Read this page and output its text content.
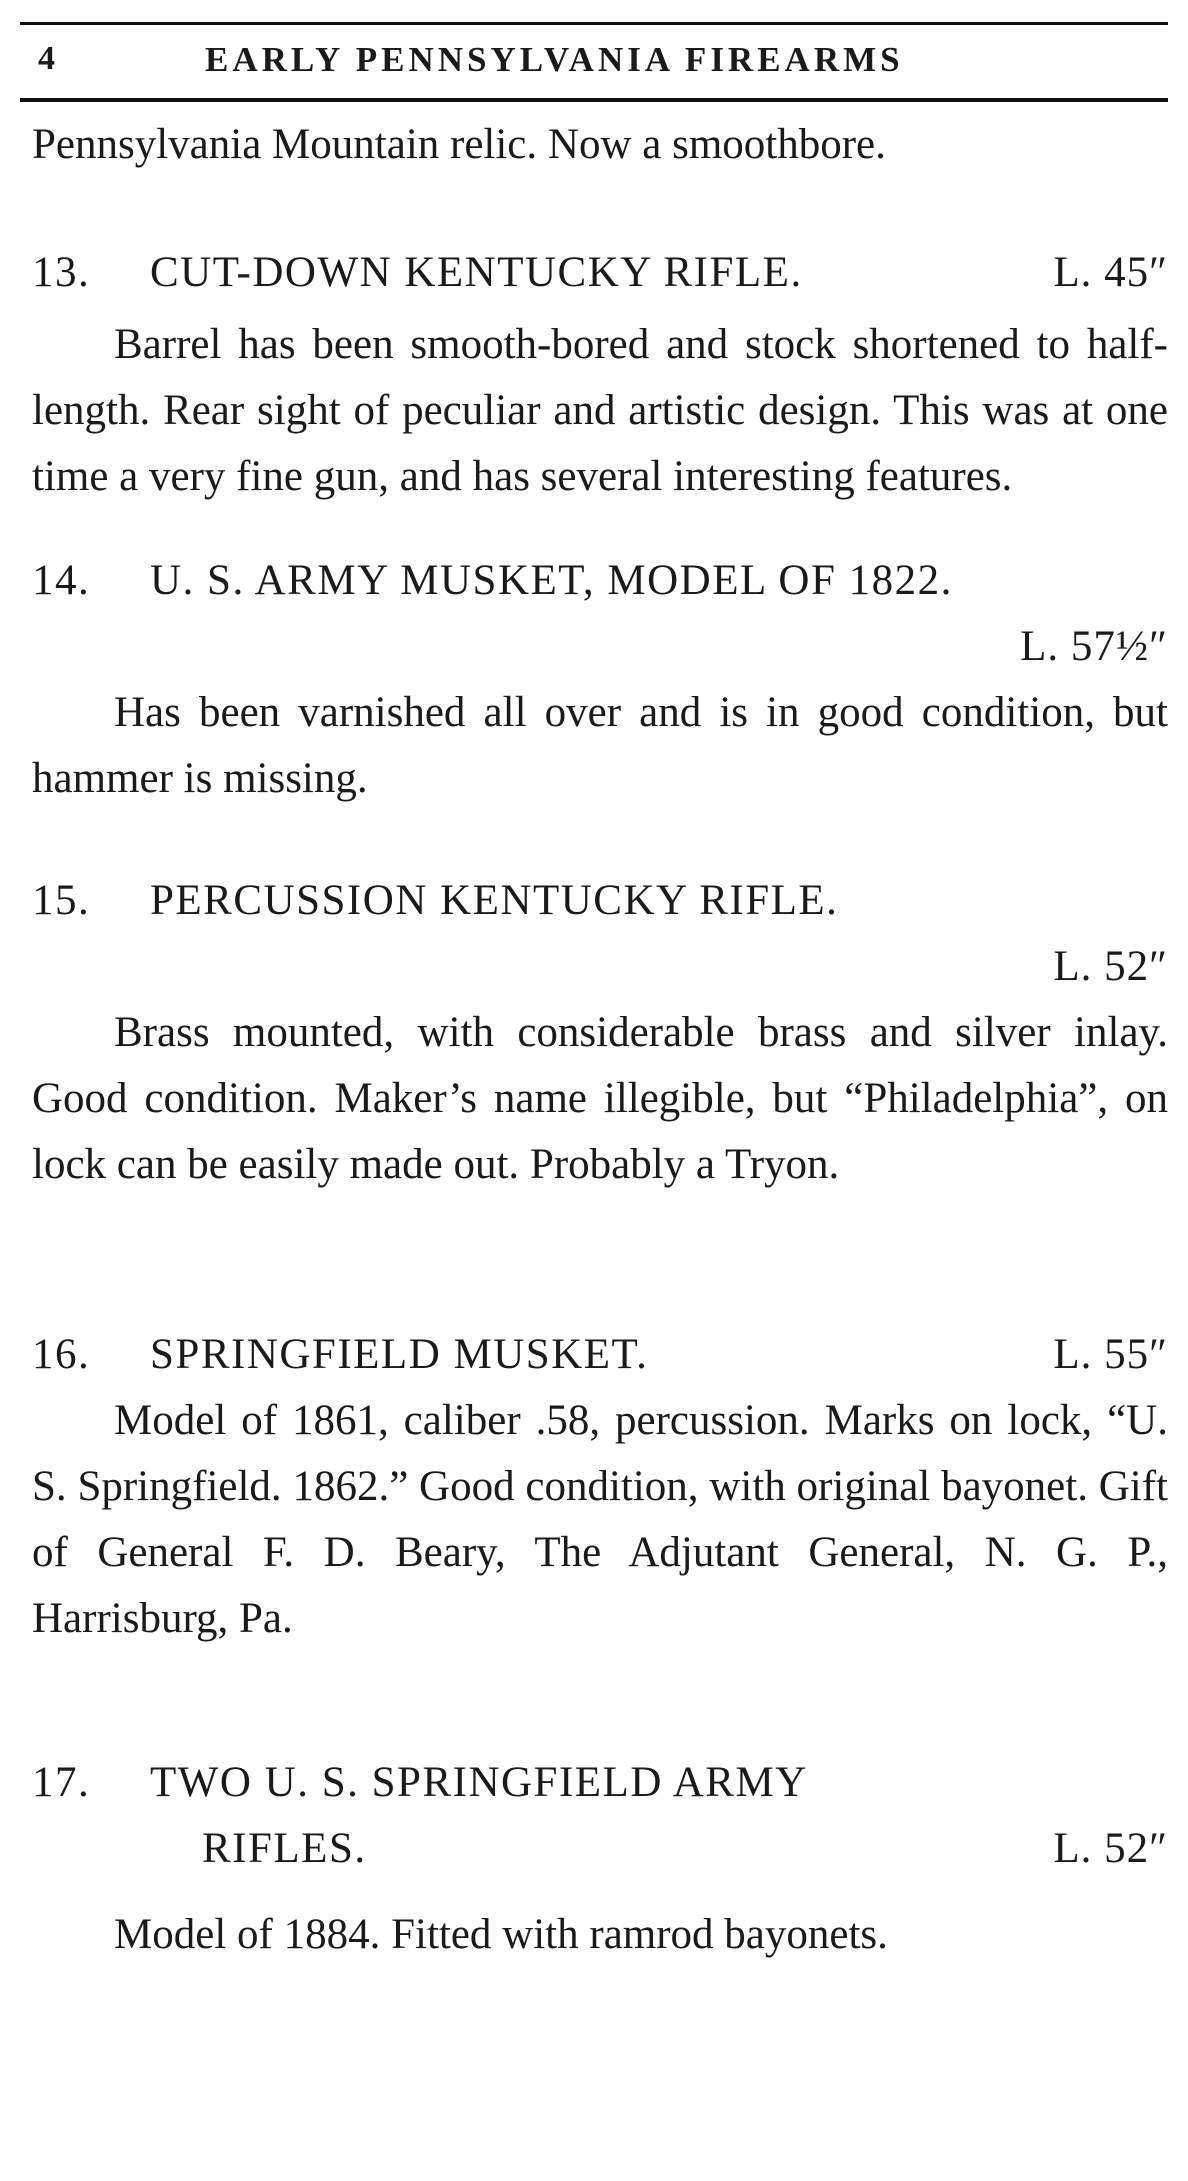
4	EARLY PENNSYLVANIA FIREARMS
Pennsylvania Mountain relic. Now a smoothbore.
13. CUT-DOWN KENTUCKY RIFLE.	L. 45″
Barrel has been smooth-bored and stock shortened to half-length. Rear sight of peculiar and artistic design. This was at one time a very fine gun, and has several interesting features.
14. U. S. ARMY MUSKET, MODEL OF 1822.
L. 57½″
Has been varnished all over and is in good condition, but hammer is missing.
15. PERCUSSION KENTUCKY RIFLE.
L. 52″
Brass mounted, with considerable brass and silver inlay. Good condition. Maker’s name illegible, but “Philadelphia”, on lock can be easily made out. Probably a Tryon.
16. SPRINGFIELD MUSKET.	L. 55″
Model of 1861, caliber .58, percussion. Marks on lock, “U. S. Springfield. 1862.” Good condition, with original bayonet. Gift of General F. D. Beary, The Adjutant General, N. G. P., Harrisburg, Pa.
17. TWO U. S. SPRINGFIELD ARMY
RIFLES.	L. 52″
Model of 1884. Fitted with ramrod bayonets.
